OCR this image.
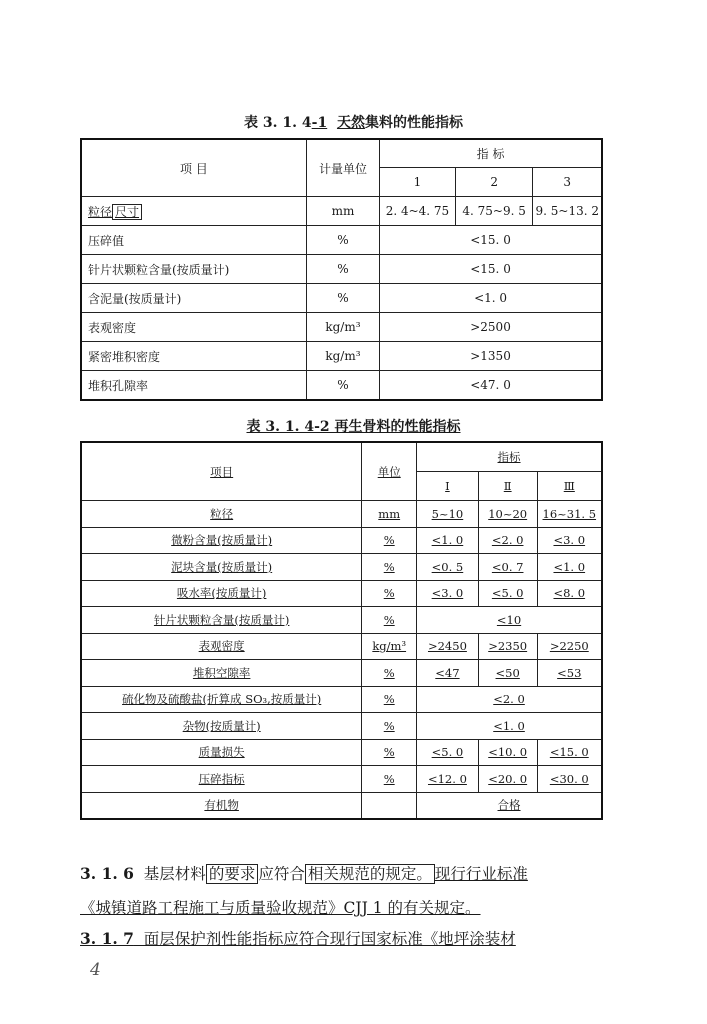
表 3. 1. 4-1 天然集料的性能指标
项 目	计量单位	指 标		
		1	2	3
粒径 尺寸	mm	2. 4~4. 75	4. 75~9. 5	9. 5~13. 2
压碎值	%	<15. 0		
针片状颗粒含量(按质量计)	%	<15. 0		
含泥量(按质量计)	%	<1. 0		
表观密度	kg/m³	>2500		
紧密堆积密度	kg/m³	>1350		
堆积孔隙率	%	<47. 0		
表 3. 1. 4-2 再生骨料的性能指标
项目	单位	指标		
		Ⅰ	Ⅱ	Ⅲ
粒径	mm	5~10	10~20	16~31. 5
微粉含量(按质量计)	%	<1. 0	<2. 0	<3. 0
泥块含量(按质量计)	%	<0. 5	<0. 7	<1. 0
吸水率(按质量计)	%	<3. 0	<5. 0	<8. 0
针片状颗粒含量(按质量计)	%	<10		
表观密度	kg/m³	>2450	>2350	>2250
堆积空隙率	%	<47	<50	<53
硫化物及硫酸盐(折算成 SO₃,按质量计)	%	<2. 0		
杂物(按质量计)	%	<1. 0		
质量损失	%	<5. 0	<10. 0	<15. 0
压碎指标	%	<12. 0	<20. 0	<30. 0
有机物		合格		
3. 1. 6  基层材料 的要求 应符合 相关规范的规定。 现行行业标准
《城镇道路工程施工与质量验收规范》CJJ 1 的有关规定。
3. 1. 7  面层保护剂性能指标应符合现行国家标准《地坪涂装材
4
